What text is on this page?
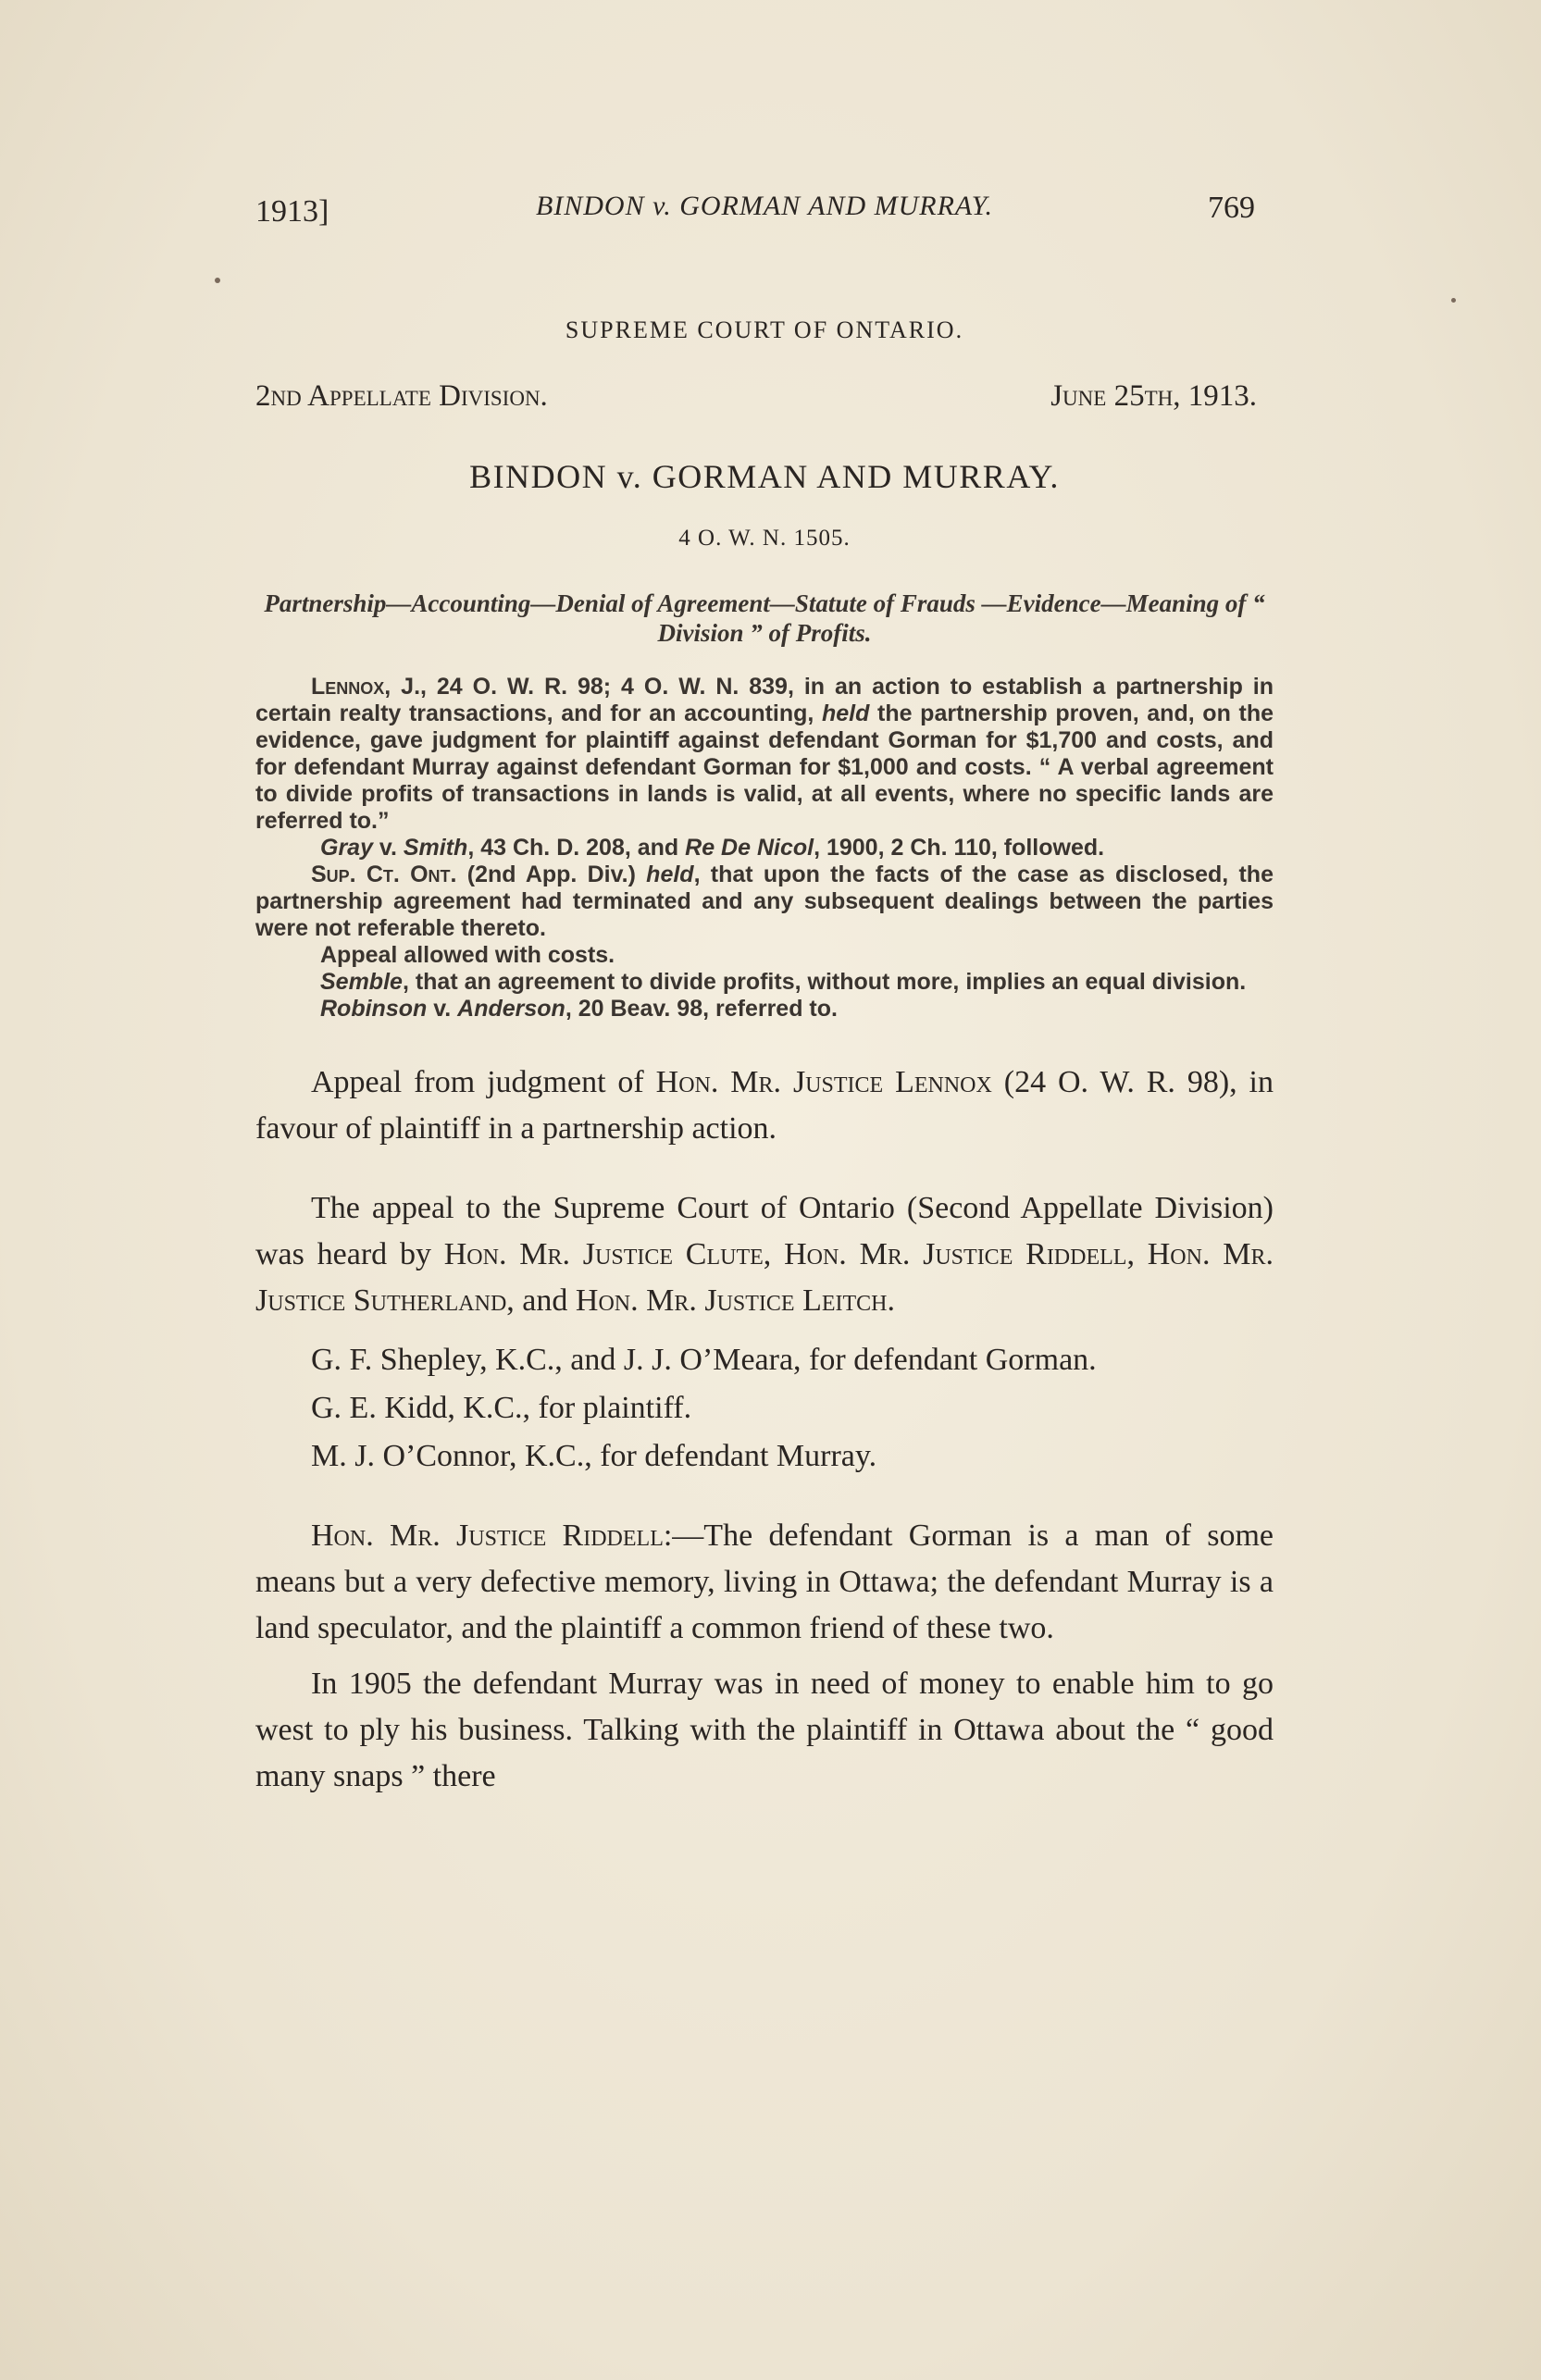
1913]	BINDON v. GORMAN AND MURRAY.	769
SUPREME COURT OF ONTARIO.
2nd Appellate Division.	June 25th, 1913.
BINDON v. GORMAN AND MURRAY.
4 O. W. N. 1505.
Partnership—Accounting—Denial of Agreement—Statute of Frauds —Evidence—Meaning of “ Division ” of Profits.

Lennox, J., 24 O. W. R. 98; 4 O. W. N. 839, in an action to establish a partnership in certain realty transactions, and for an accounting, held the partnership proven, and, on the evidence, gave judgment for plaintiff against defendant Gorman for $1,700 and costs, and for defendant Murray against defendant Gorman for $1,000 and costs. “ A verbal agreement to divide profits of transactions in lands is valid, at all events, where no specific lands are referred to.”

Gray v. Smith, 43 Ch. D. 208, and Re De Nicol, 1900, 2 Ch. 110, followed.

Sup. Ct. Ont. (2nd App. Div.) held, that upon the facts of the case as disclosed, the partnership agreement had terminated and any subsequent dealings between the parties were not referable thereto.

Appeal allowed with costs.

Semble, that an agreement to divide profits, without more, implies an equal division.

Robinson v. Anderson, 20 Beav. 98, referred to.

Appeal from judgment of Hon. Mr. Justice Lennox (24 O. W. R. 98), in favour of plaintiff in a partnership action.

The appeal to the Supreme Court of Ontario (Second Appellate Division) was heard by Hon. Mr. Justice Clute, Hon. Mr. Justice Riddell, Hon. Mr. Justice Sutherland, and Hon. Mr. Justice Leitch.

G. F. Shepley, K.C., and J. J. O’Meara, for defendant Gorman.

G. E. Kidd, K.C., for plaintiff.

M. J. O’Connor, K.C., for defendant Murray.

Hon. Mr. Justice Riddell:—The defendant Gorman is a man of some means but a very defective memory, living in Ottawa; the defendant Murray is a land speculator, and the plaintiff a common friend of these two.

In 1905 the defendant Murray was in need of money to enable him to go west to ply his business. Talking with the plaintiff in Ottawa about the “ good many snaps ” there
